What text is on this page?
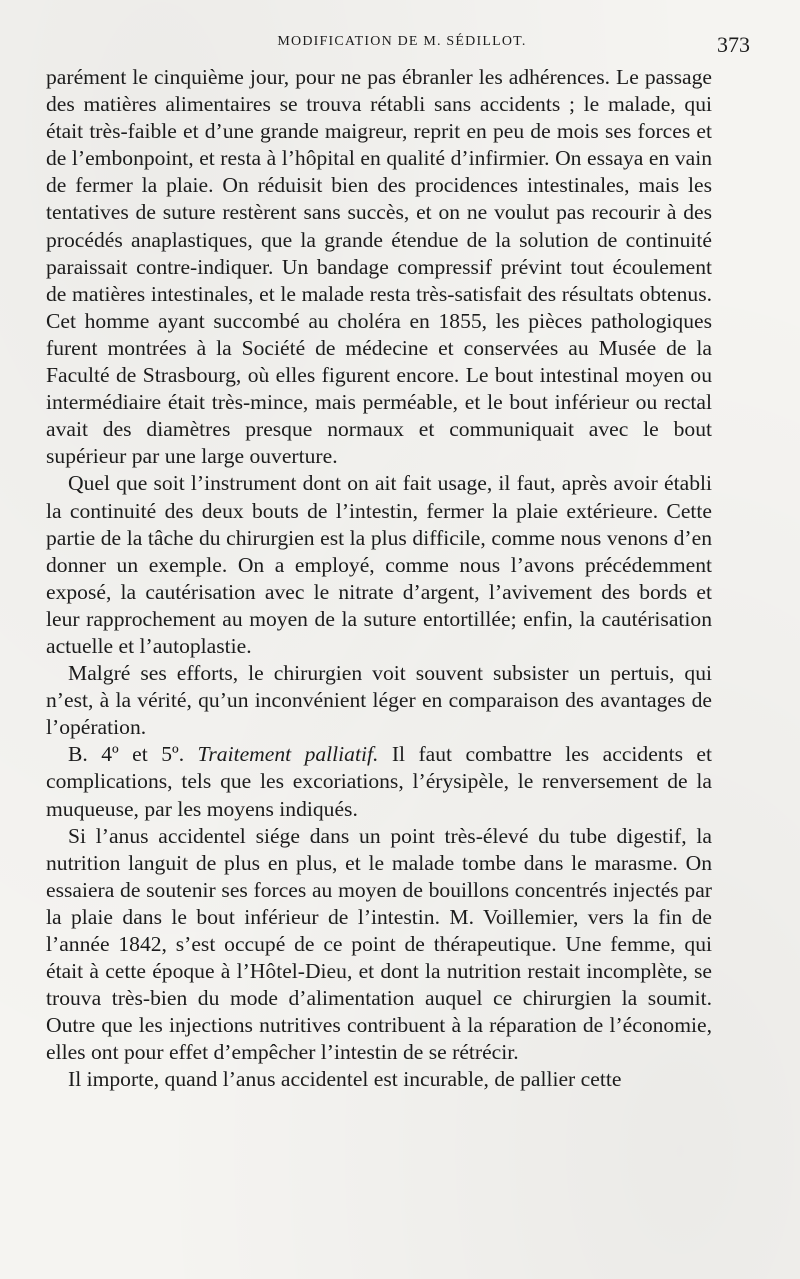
MODIFICATION DE M. SÉDILLOT.	373

parément le cinquième jour, pour ne pas ébranler les adhérences. Le passage des matières alimentaires se trouva rétabli sans accidents ; le malade, qui était très-faible et d’une grande maigreur, reprit en peu de mois ses forces et de l’embonpoint, et resta à l’hôpital en qualité d’infirmier. On essaya en vain de fermer la plaie. On réduisit bien des procidences intestinales, mais les tentatives de suture restèrent sans succès, et on ne voulut pas recourir à des procédés anaplastiques, que la grande étendue de la solution de continuité paraissait contre-indiquer. Un bandage compressif prévint tout écoulement de matières intestinales, et le malade resta très-satisfait des résultats obtenus. Cet homme ayant succombé au choléra en 1855, les pièces pathologiques furent montrées à la Société de médecine et conservées au Musée de la Faculté de Strasbourg, où elles figurent encore. Le bout intestinal moyen ou intermédiaire était très-mince, mais perméable, et le bout inférieur ou rectal avait des diamètres presque normaux et communiquait avec le bout supérieur par une large ouverture.

Quel que soit l’instrument dont on ait fait usage, il faut, après avoir établi la continuité des deux bouts de l’intestin, fermer la plaie extérieure. Cette partie de la tâche du chirurgien est la plus difficile, comme nous venons d’en donner un exemple. On a employé, comme nous l’avons précédemment exposé, la cautérisation avec le nitrate d’argent, l’avivement des bords et leur rapprochement au moyen de la suture entortillée; enfin, la cautérisation actuelle et l’autoplastie.

Malgré ses efforts, le chirurgien voit souvent subsister un pertuis, qui n’est, à la vérité, qu’un inconvénient léger en comparaison des avantages de l’opération.

B. 4º et 5º. Traitement palliatif. Il faut combattre les accidents et complications, tels que les excoriations, l’érysipèle, le renversement de la muqueuse, par les moyens indiqués.

Si l’anus accidentel siége dans un point très-élevé du tube digestif, la nutrition languit de plus en plus, et le malade tombe dans le marasme. On essaiera de soutenir ses forces au moyen de bouillons concentrés injectés par la plaie dans le bout inférieur de l’intestin. M. Voillemier, vers la fin de l’année 1842, s’est occupé de ce point de thérapeutique. Une femme, qui était à cette époque à l’Hôtel-Dieu, et dont la nutrition restait incomplète, se trouva très-bien du mode d’alimentation auquel ce chirurgien la soumit. Outre que les injections nutritives contribuent à la réparation de l’économie, elles ont pour effet d’empêcher l’intestin de se rétrécir.

Il importe, quand l’anus accidentel est incurable, de pallier cette
